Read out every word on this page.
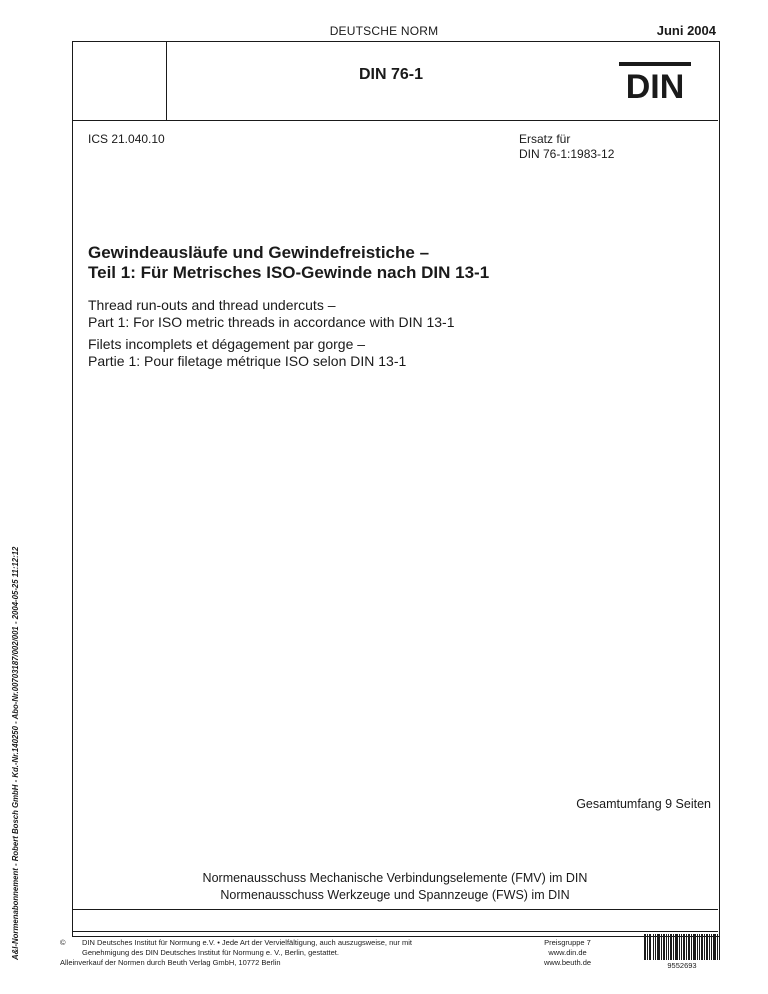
DEUTSCHE NORM	Juni 2004
DIN 76-1	DIN
ICS 21.040.10	Ersatz für
DIN 76-1:1983-12
Gewindeausläufe und Gewindefreistiche –
Teil 1: Für Metrisches ISO-Gewinde nach DIN 13-1
Thread run-outs and thread undercuts –
Part 1: For ISO metric threads in accordance with DIN 13-1
Filets incomplets et dégagement par gorge –
Partie 1: Pour filetage métrique ISO selon DIN 13-1
Gesamtumfang 9 Seiten
Normenausschuss Mechanische Verbindungselemente (FMV) im DIN
Normenausschuss Werkzeuge und Spannzeuge (FWS) im DIN
©	DIN Deutsches Institut für Normung e.V. • Jede Art der Vervielfältigung, auch auszugsweise, nur mit
Genehmigung des DIN Deutsches Institut für Normung e. V., Berlin, gestattet.
Alleinverkauf der Normen durch Beuth Verlag GmbH, 10772 Berlin
Preisgruppe 7
www.din.de
www.beuth.de	9552693
A&I-Normenabonnement - Robert Bosch GmbH - Kd.-Nr.140250 - Abo-Nr.00703187/002/001 - 2004-05-25 11:12:12
